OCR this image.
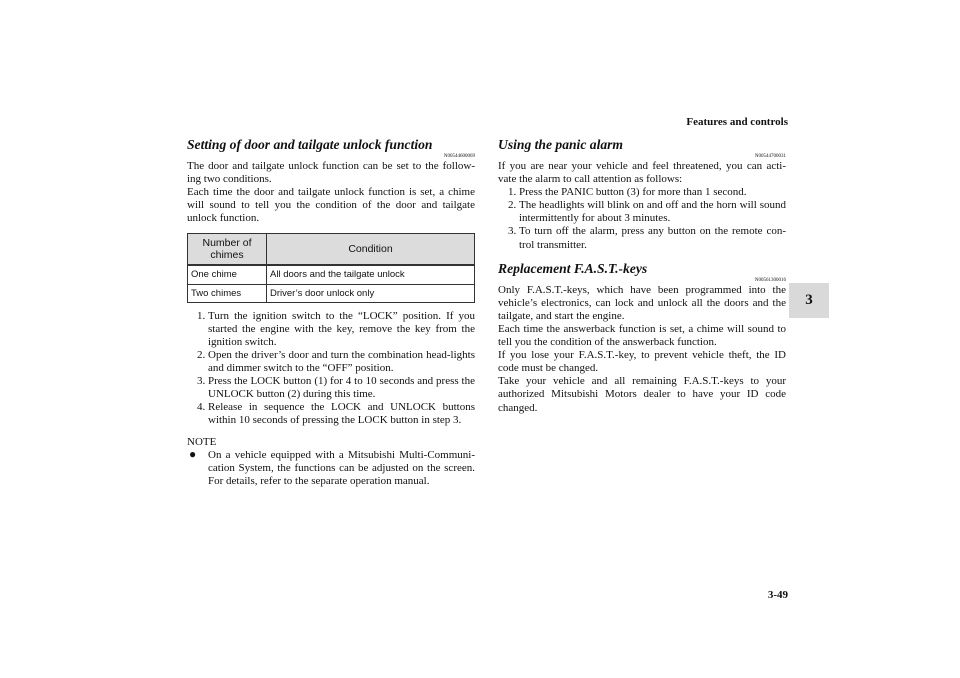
Features and controls
3
3-49
Setting of door and tailgate unlock function
N00544600069

The door and tailgate unlock function can be set to the follow-ing two conditions.

Each time the door and tailgate unlock function is set, a chime will sound to tell you the condition of the door and tailgate unlock function.

Number of chimes	Condition
One chime	All doors and the tailgate unlock
Two chimes	Driver’s door unlock only
1. Turn the ignition switch to the “LOCK” position. If you started the engine with the key, remove the key from the ignition switch.
2. Open the driver’s door and turn the combination head-lights and dimmer switch to the “OFF” position.
3. Press the LOCK button (1) for 4 to 10 seconds and press the UNLOCK button (2) during this time.
4. Release in sequence the LOCK and UNLOCK buttons within 10 seconds of pressing the LOCK button in step 3.
NOTE
● On a vehicle equipped with a Mitsubishi Multi-Communi-cation System, the functions can be adjusted on the screen. For details, refer to the separate operation manual.
Using the panic alarm
N00544700031

If you are near your vehicle and feel threatened, you can acti-vate the alarm to call attention as follows:

1. Press the PANIC button (3) for more than 1 second.
2. The headlights will blink on and off and the horn will sound intermittently for about 3 minutes.
3. To turn off the alarm, press any button on the remote con-trol transmitter.
Replacement F.A.S.T.-keys
N00561300016

Only F.A.S.T.-keys, which have been programmed into the vehicle’s electronics, can lock and unlock all the doors and the tailgate, and start the engine.

Each time the answerback function is set, a chime will sound to tell you the condition of the answerback function.

If you lose your F.A.S.T.-key, to prevent vehicle theft, the ID code must be changed.

Take your vehicle and all remaining F.A.S.T.-keys to your authorized Mitsubishi Motors dealer to have your ID code changed.
